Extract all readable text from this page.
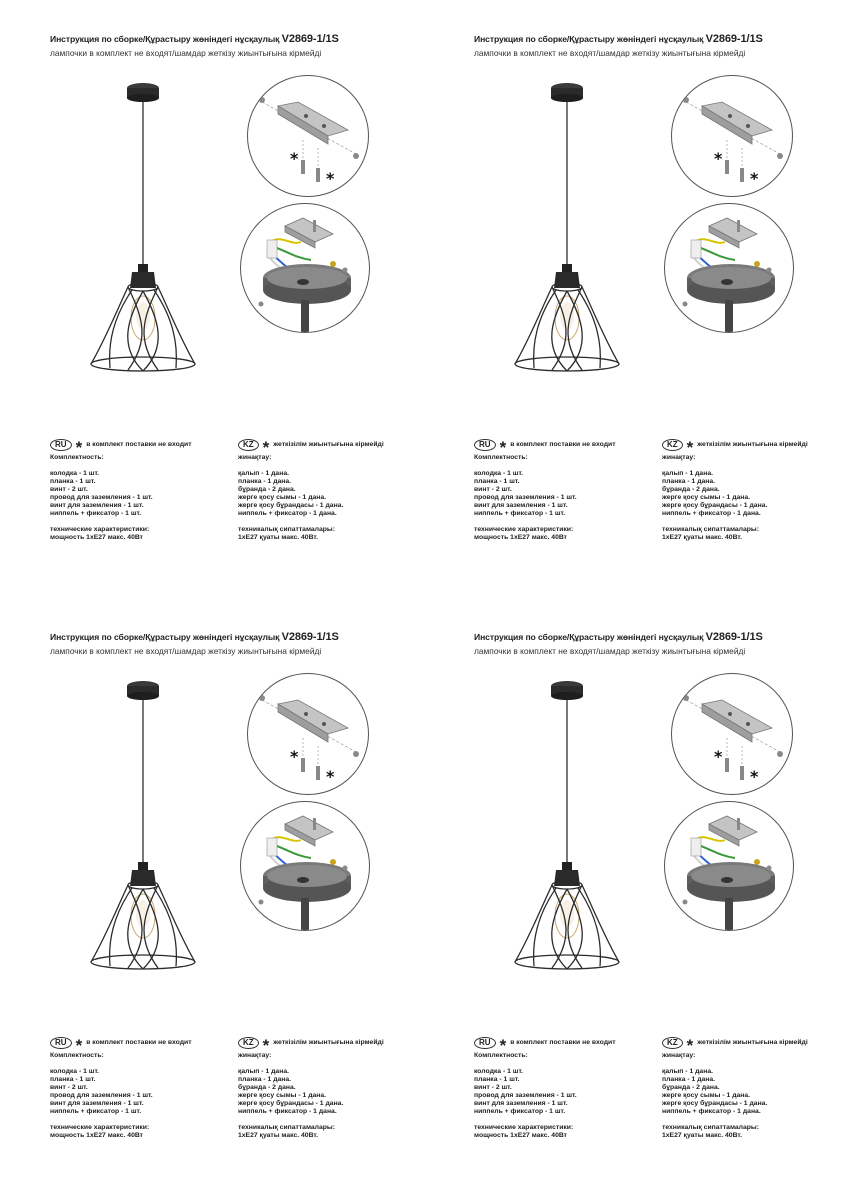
Инструкция по сборке/Құрастыру жөніндегі нұсқаулық V2869-1/1S
лампочки в комплект не входят/шамдар жеткізу жиынтығына кірмейді
*
*
RU * в комплект поставки не входит
Комплектность:
колодка - 1 шт.
планка - 1 шт.
винт - 2 шт.
провод для заземления - 1 шт.
винт для заземления - 1 шт.
ниппель + фиксатор - 1 шт.
технические характеристики:
мощность 1хЕ27 макс. 40Вт
KZ * жеткізілім жиынтығына кірмейді
жинақтау:
қалып - 1 дана.
планка - 1 дана.
бұранда - 2 дана.
жерге қосу сымы - 1 дана.
жерге қосу бұрандасы - 1 дана.
ниппель + фиксатор - 1 дана.
техникалық сипаттамалары:
1хЕ27 қуаты макс. 40Вт.
Инструкция по сборке/Құрастыру жөніндегі нұсқаулық V2869-1/1S
лампочки в комплект не входят/шамдар жеткізу жиынтығына кірмейді
*
*
RU * в комплект поставки не входит
Комплектность:
колодка - 1 шт.
планка - 1 шт.
винт - 2 шт.
провод для заземления - 1 шт.
винт для заземления - 1 шт.
ниппель + фиксатор - 1 шт.
технические характеристики:
мощность 1хЕ27 макс. 40Вт
KZ * жеткізілім жиынтығына кірмейді
жинақтау:
қалып - 1 дана.
планка - 1 дана.
бұранда - 2 дана.
жерге қосу сымы - 1 дана.
жерге қосу бұрандасы - 1 дана.
ниппель + фиксатор - 1 дана.
техникалық сипаттамалары:
1хЕ27 қуаты макс. 40Вт.
Инструкция по сборке/Құрастыру жөніндегі нұсқаулық V2869-1/1S
лампочки в комплект не входят/шамдар жеткізу жиынтығына кірмейді
*
*
RU * в комплект поставки не входит
Комплектность:
колодка - 1 шт.
планка - 1 шт.
винт - 2 шт.
провод для заземления - 1 шт.
винт для заземления - 1 шт.
ниппель + фиксатор - 1 шт.
технические характеристики:
мощность 1хЕ27 макс. 40Вт
KZ * жеткізілім жиынтығына кірмейді
жинақтау:
қалып - 1 дана.
планка - 1 дана.
бұранда - 2 дана.
жерге қосу сымы - 1 дана.
жерге қосу бұрандасы - 1 дана.
ниппель + фиксатор - 1 дана.
техникалық сипаттамалары:
1хЕ27 қуаты макс. 40Вт.
Инструкция по сборке/Құрастыру жөніндегі нұсқаулық V2869-1/1S
лампочки в комплект не входят/шамдар жеткізу жиынтығына кірмейді
*
*
RU * в комплект поставки не входит
Комплектность:
колодка - 1 шт.
планка - 1 шт.
винт - 2 шт.
провод для заземления - 1 шт.
винт для заземления - 1 шт.
ниппель + фиксатор - 1 шт.
технические характеристики:
мощность 1хЕ27 макс. 40Вт
KZ * жеткізілім жиынтығына кірмейді
жинақтау:
қалып - 1 дана.
планка - 1 дана.
бұранда - 2 дана.
жерге қосу сымы - 1 дана.
жерге қосу бұрандасы - 1 дана.
ниппель + фиксатор - 1 дана.
техникалық сипаттамалары:
1хЕ27 қуаты макс. 40Вт.
